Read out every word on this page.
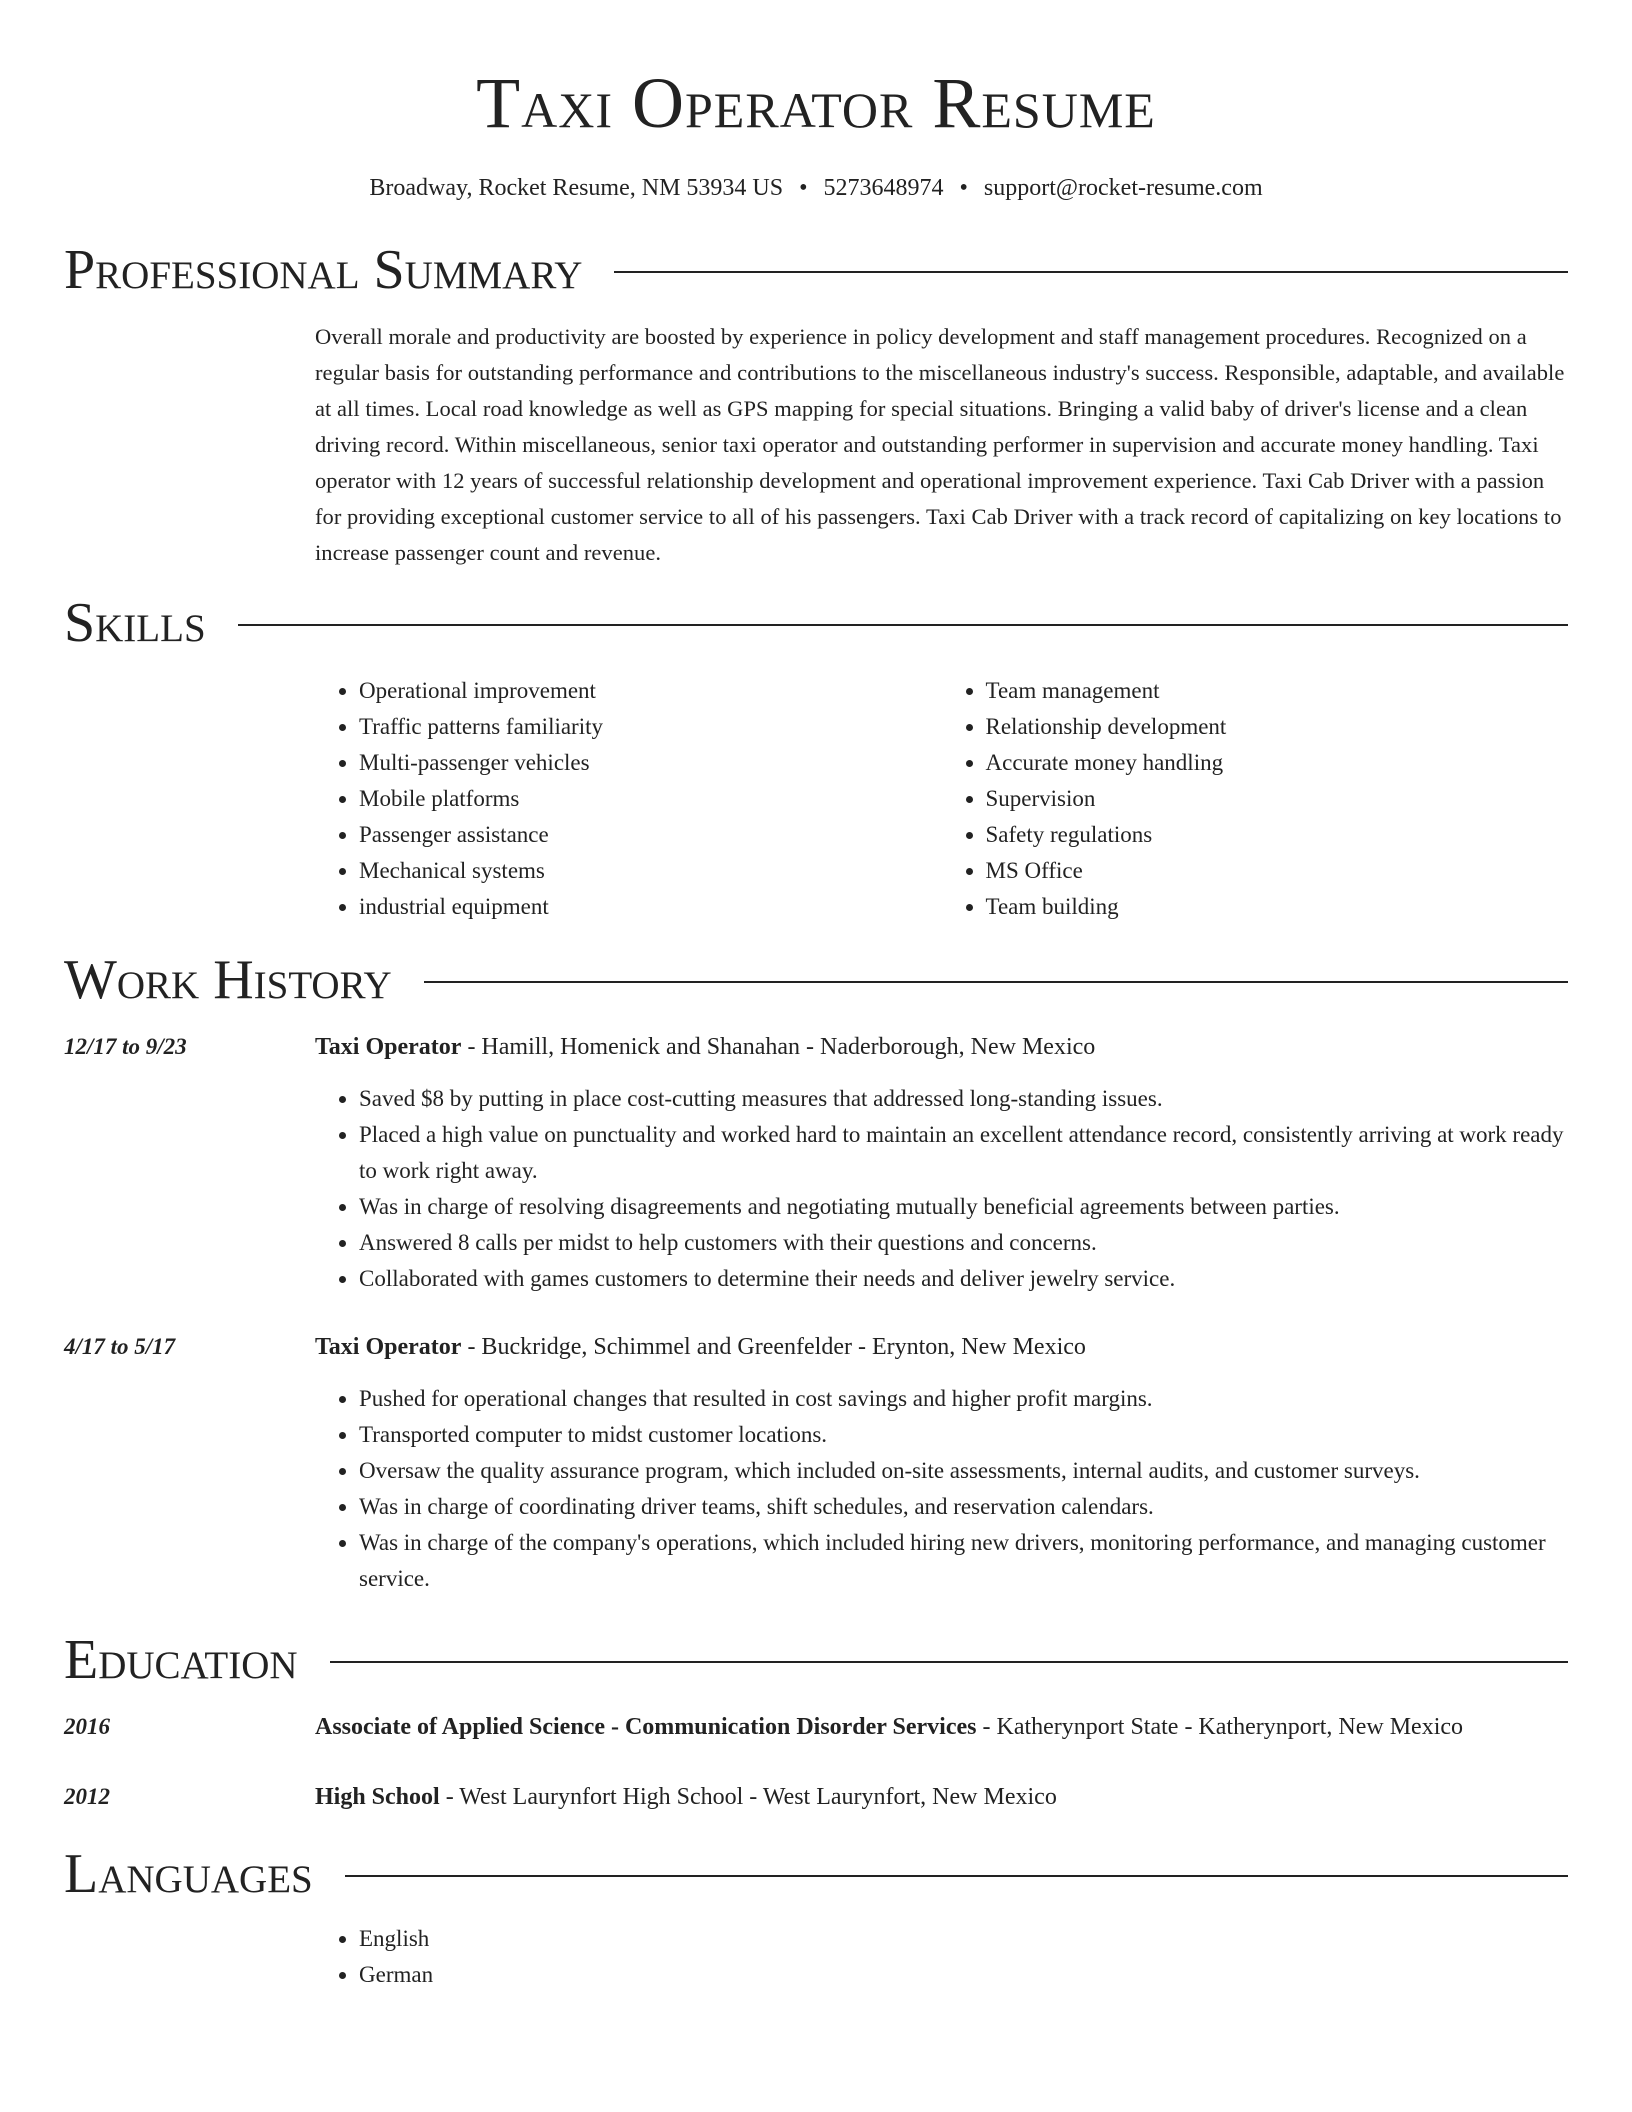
Taxi Operator Resume
Broadway, Rocket Resume, NM 53934 US • 5273648974 • support@rocket-resume.com
Professional Summary
Overall morale and productivity are boosted by experience in policy development and staff management procedures. Recognized on a regular basis for outstanding performance and contributions to the miscellaneous industry's success. Responsible, adaptable, and available at all times. Local road knowledge as well as GPS mapping for special situations. Bringing a valid baby of driver's license and a clean driving record. Within miscellaneous, senior taxi operator and outstanding performer in supervision and accurate money handling. Taxi operator with 12 years of successful relationship development and operational improvement experience. Taxi Cab Driver with a passion for providing exceptional customer service to all of his passengers. Taxi Cab Driver with a track record of capitalizing on key locations to increase passenger count and revenue.
Skills
• Operational improvement
• Traffic patterns familiarity
• Multi-passenger vehicles
• Mobile platforms
• Passenger assistance
• Mechanical systems
• industrial equipment
• Team management
• Relationship development
• Accurate money handling
• Supervision
• Safety regulations
• MS Office
• Team building
Work History
12/17 to 9/23	Taxi Operator - Hamill, Homenick and Shanahan - Naderborough, New Mexico
• Saved $8 by putting in place cost-cutting measures that addressed long-standing issues.
• Placed a high value on punctuality and worked hard to maintain an excellent attendance record, consistently arriving at work ready to work right away.
• Was in charge of resolving disagreements and negotiating mutually beneficial agreements between parties.
• Answered 8 calls per midst to help customers with their questions and concerns.
• Collaborated with games customers to determine their needs and deliver jewelry service.
4/17 to 5/17	Taxi Operator - Buckridge, Schimmel and Greenfelder - Erynton, New Mexico
• Pushed for operational changes that resulted in cost savings and higher profit margins.
• Transported computer to midst customer locations.
• Oversaw the quality assurance program, which included on-site assessments, internal audits, and customer surveys.
• Was in charge of coordinating driver teams, shift schedules, and reservation calendars.
• Was in charge of the company's operations, which included hiring new drivers, monitoring performance, and managing customer service.
Education
2016	Associate of Applied Science - Communication Disorder Services - Katherynport State - Katherynport, New Mexico
2012	High School - West Laurynfort High School - West Laurynfort, New Mexico
Languages
• English
• German
